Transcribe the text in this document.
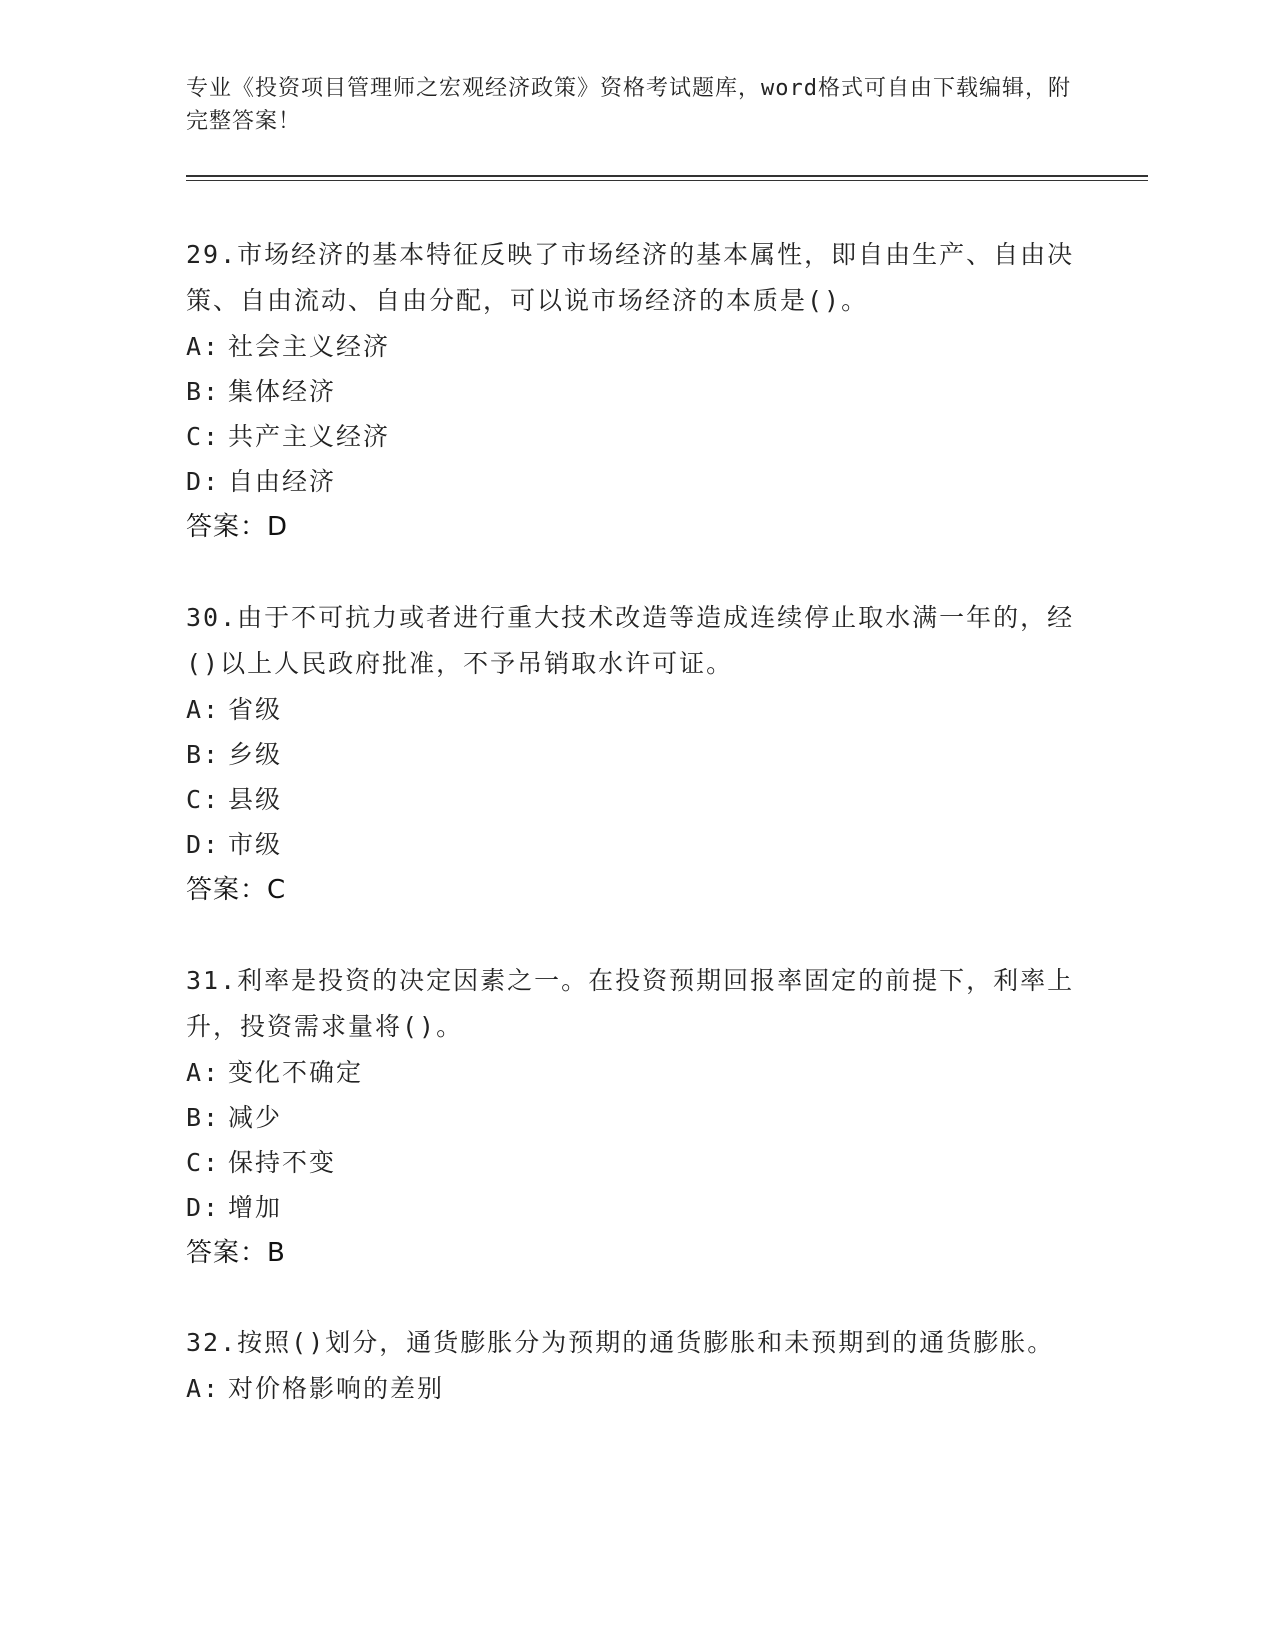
专业《投资项目管理师之宏观经济政策》资格考试题库，word格式可自由下载编辑，附完整答案！

29.市场经济的基本特征反映了市场经济的基本属性，即自由生产、自由决策、自由流动、自由分配，可以说市场经济的本质是()。

A: 社会主义经济

B: 集体经济

C: 共产主义经济

D: 自由经济

答案：D

30.由于不可抗力或者进行重大技术改造等造成连续停止取水满一年的，经()以上人民政府批准，不予吊销取水许可证。

A: 省级

B: 乡级

C: 县级

D: 市级

答案：C

31.利率是投资的决定因素之一。在投资预期回报率固定的前提下，利率上升，投资需求量将()。

A: 变化不确定

B: 减少

C: 保持不变

D: 增加

答案：B

32.按照()划分，通货膨胀分为预期的通货膨胀和未预期到的通货膨胀。

A: 对价格影响的差别
